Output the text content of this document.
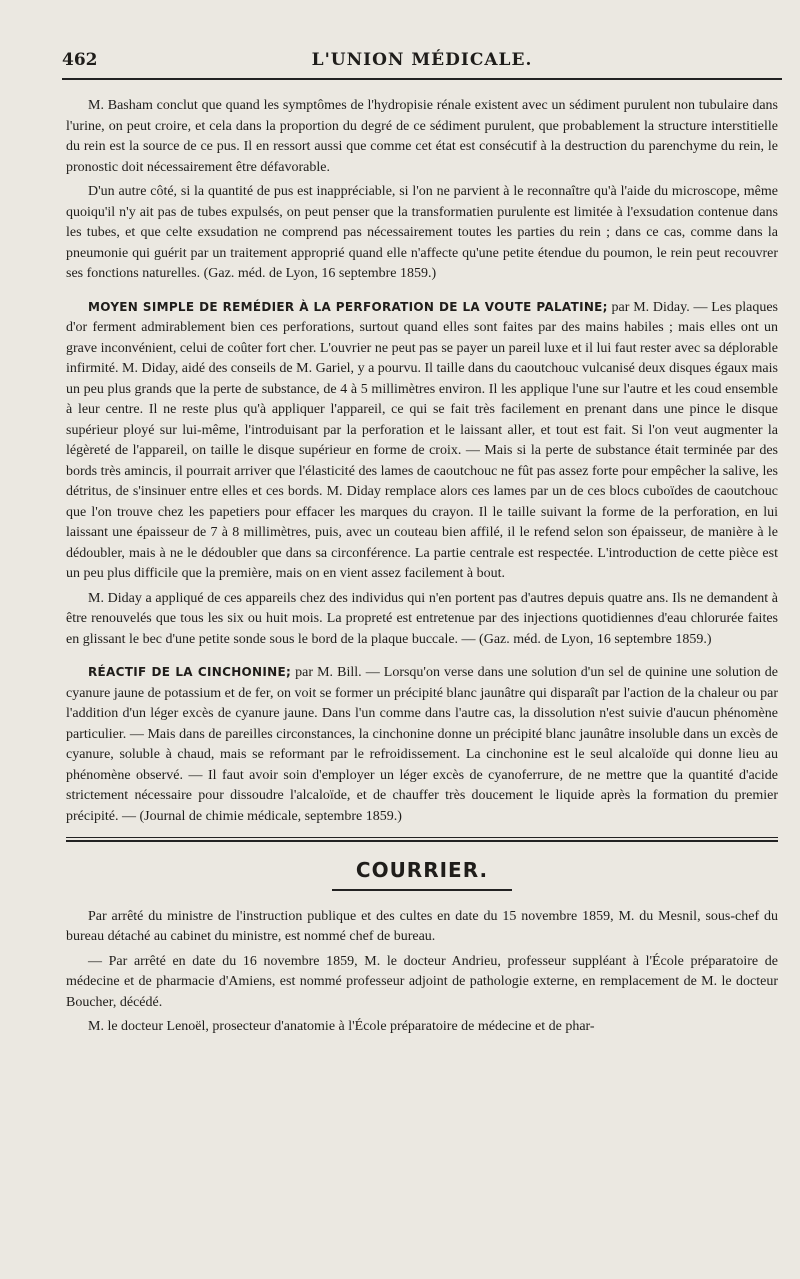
462	L'UNION MÉDICALE.

M. Basham conclut que quand les symptômes de l'hydropisie rénale existent avec un sédiment purulent non tubulaire dans l'urine, on peut croire, et cela dans la proportion du degré de ce sédiment purulent, que probablement la structure interstitielle du rein est la source de ce pus. Il en ressort aussi que comme cet état est consécutif à la destruction du parenchyme du rein, le pronostic doit nécessairement être défavorable.

D'un autre côté, si la quantité de pus est inappréciable, si l'on ne parvient à le reconnaître qu'à l'aide du microscope, même quoiqu'il n'y ait pas de tubes expulsés, on peut penser que la transformatien purulente est limitée à l'exsudation contenue dans les tubes, et que celte exsudation ne comprend pas nécessairement toutes les parties du rein ; dans ce cas, comme dans la pneumonie qui guérit par un traitement approprié quand elle n'affecte qu'une petite étendue du poumon, le rein peut recouvrer ses fonctions naturelles. (Gaz. méd. de Lyon, 16 septembre 1859.)

MOYEN SIMPLE DE REMÉDIER À LA PERFORATION DE LA VOUTE PALATINE; par M. Diday. — Les plaques d'or ferment admirablement bien ces perforations, surtout quand elles sont faites par des mains habiles ; mais elles ont un grave inconvénient, celui de coûter fort cher. L'ouvrier ne peut pas se payer un pareil luxe et il lui faut rester avec sa déplorable infirmité. M. Diday, aidé des conseils de M. Gariel, y a pourvu. Il taille dans du caoutchouc vulcanisé deux disques égaux mais un peu plus grands que la perte de substance, de 4 à 5 millimètres environ. Il les applique l'une sur l'autre et les coud ensemble à leur centre. Il ne reste plus qu'à appliquer l'appareil, ce qui se fait très facilement en prenant dans une pince le disque supérieur ployé sur lui-même, l'introduisant par la perforation et le laissant aller, et tout est fait. Si l'on veut augmenter la légèreté de l'appareil, on taille le disque supérieur en forme de croix. — Mais si la perte de substance était terminée par des bords très amincis, il pourrait arriver que l'élasticité des lames de caoutchouc ne fût pas assez forte pour empêcher la salive, les détritus, de s'insinuer entre elles et ces bords. M. Diday remplace alors ces lames par un de ces blocs cuboïdes de caoutchouc que l'on trouve chez les papetiers pour effacer les marques du crayon. Il le taille suivant la forme de la perforation, en lui laissant une épaisseur de 7 à 8 millimètres, puis, avec un couteau bien affilé, il le refend selon son épaisseur, de manière à le dédoubler, mais à ne le dédoubler que dans sa circonférence. La partie centrale est respectée. L'introduction de cette pièce est un peu plus difficile que la première, mais on en vient assez facilement à bout.

M. Diday a appliqué de ces appareils chez des individus qui n'en portent pas d'autres depuis quatre ans. Ils ne demandent à être renouvelés que tous les six ou huit mois. La propreté est entretenue par des injections quotidiennes d'eau chlorurée faites en glissant le bec d'une petite sonde sous le bord de la plaque buccale. — (Gaz. méd. de Lyon, 16 septembre 1859.)

RÉACTIF DE LA CINCHONINE; par M. Bill. — Lorsqu'on verse dans une solution d'un sel de quinine une solution de cyanure jaune de potassium et de fer, on voit se former un précipité blanc jaunâtre qui disparaît par l'action de la chaleur ou par l'addition d'un léger excès de cyanure jaune. Dans l'un comme dans l'autre cas, la dissolution n'est suivie d'aucun phénomène particulier. — Mais dans de pareilles circonstances, la cinchonine donne un précipité blanc jaunâtre insoluble dans un excès de cyanure, soluble à chaud, mais se reformant par le refroidissement. La cinchonine est le seul alcaloïde qui donne lieu au phénomène observé. — Il faut avoir soin d'employer un léger excès de cyanoferrure, de ne mettre que la quantité d'acide strictement nécessaire pour dissoudre l'alcaloïde, et de chauffer très doucement le liquide après la formation du premier précipité. — (Journal de chimie médicale, septembre 1859.)

COURRIER.

Par arrêté du ministre de l'instruction publique et des cultes en date du 15 novembre 1859, M. du Mesnil, sous-chef du bureau détaché au cabinet du ministre, est nommé chef de bureau.

— Par arrêté en date du 16 novembre 1859, M. le docteur Andrieu, professeur suppléant à l'École préparatoire de médecine et de pharmacie d'Amiens, est nommé professeur adjoint de pathologie externe, en remplacement de M. le docteur Boucher, décédé.

M. le docteur Lenoël, prosecteur d'anatomie à l'École préparatoire de médecine et de phar-
